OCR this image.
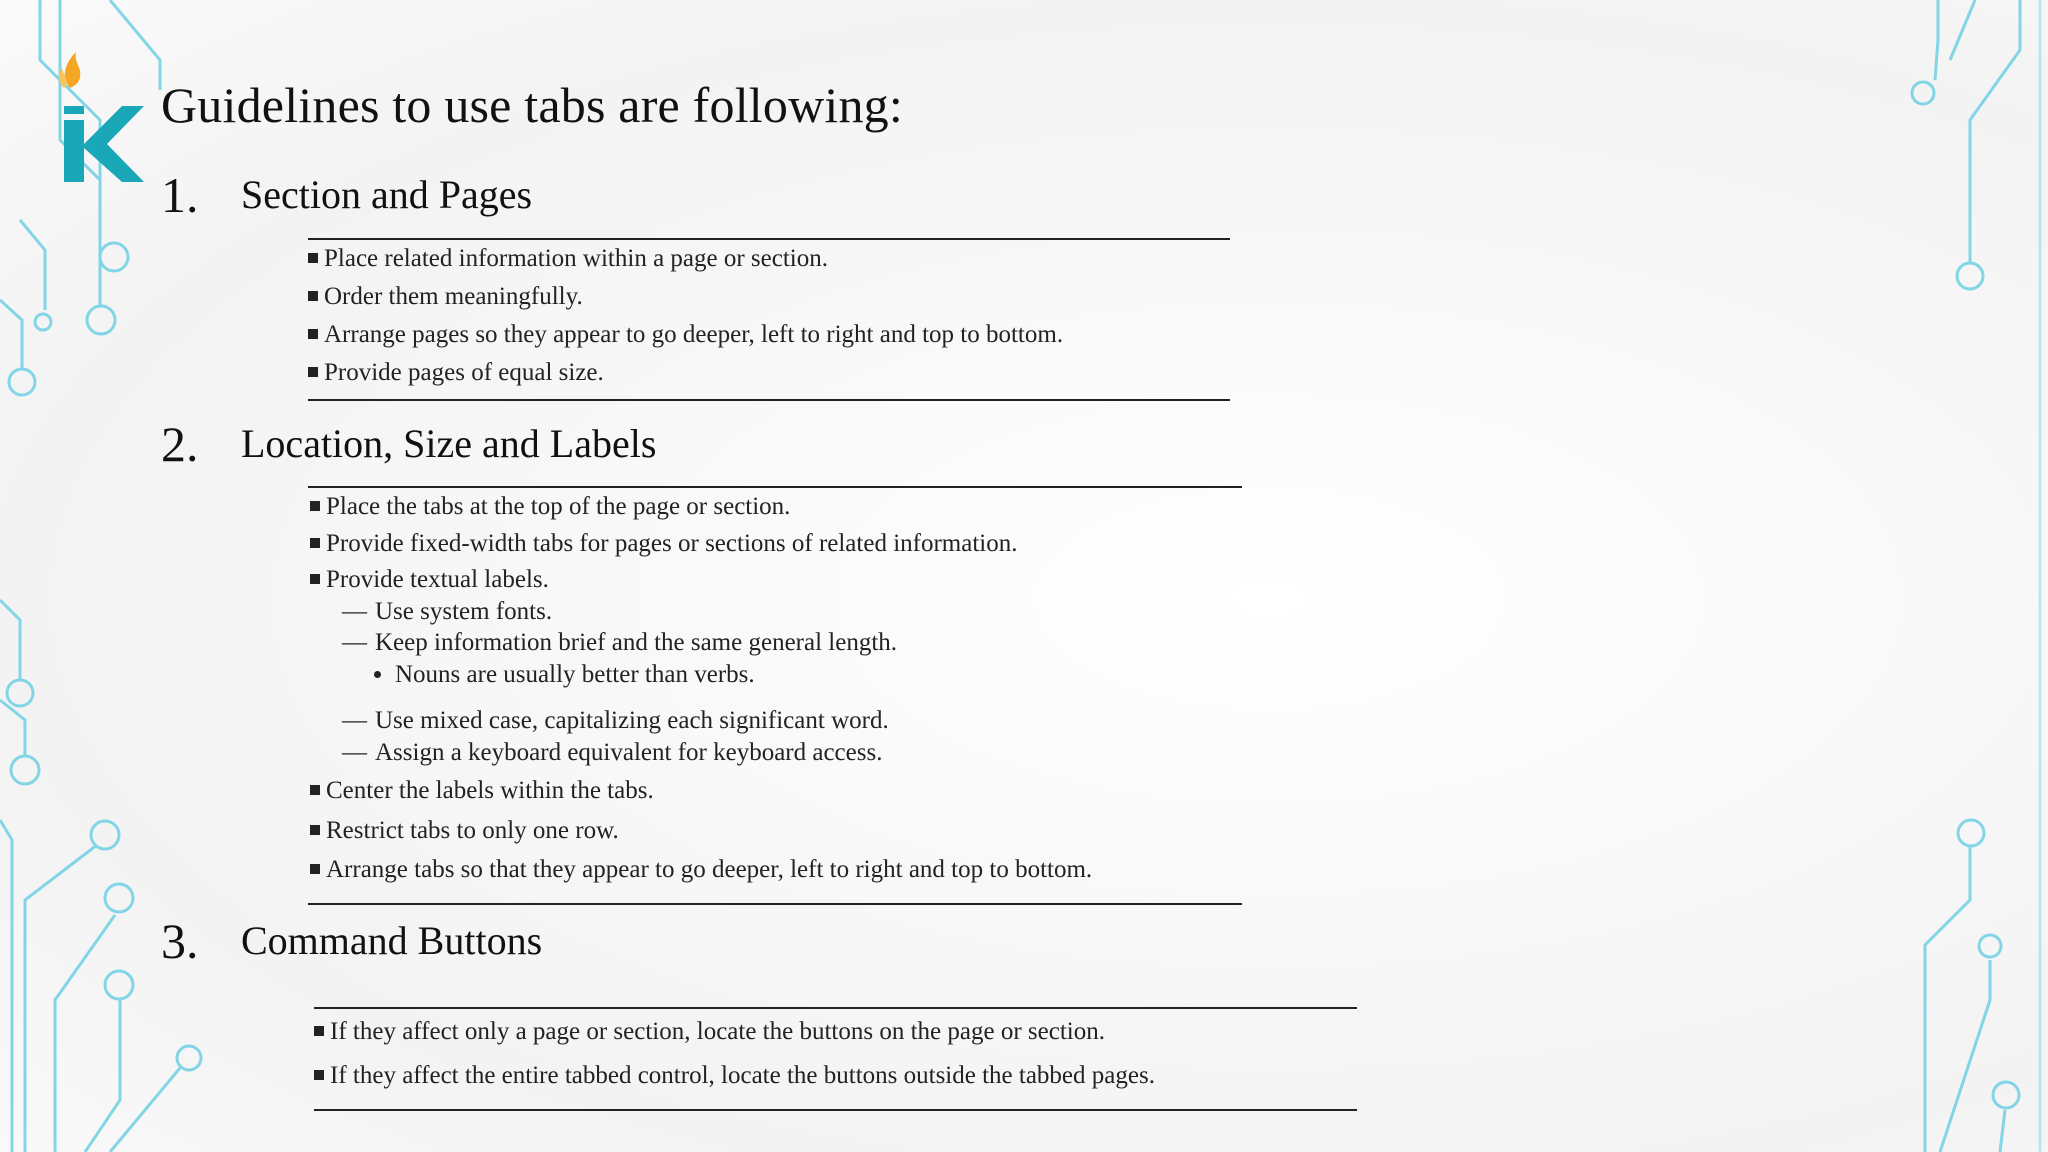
Guidelines to use tabs are following:
1. Section and Pages
Place related information within a page or section.
Order them meaningfully.
Arrange pages so they appear to go deeper, left to right and top to bottom.
Provide pages of equal size.
2. Location, Size and Labels
Place the tabs at the top of the page or section.
Provide fixed-width tabs for pages or sections of related information.
Provide textual labels.
— Use system fonts.
— Keep information brief and the same general length.
Nouns are usually better than verbs.
— Use mixed case, capitalizing each significant word.
— Assign a keyboard equivalent for keyboard access.
Center the labels within the tabs.
Restrict tabs to only one row.
Arrange tabs so that they appear to go deeper, left to right and top to bottom.
3. Command Buttons
If they affect only a page or section, locate the buttons on the page or section.
If they affect the entire tabbed control, locate the buttons outside the tabbed pages.
